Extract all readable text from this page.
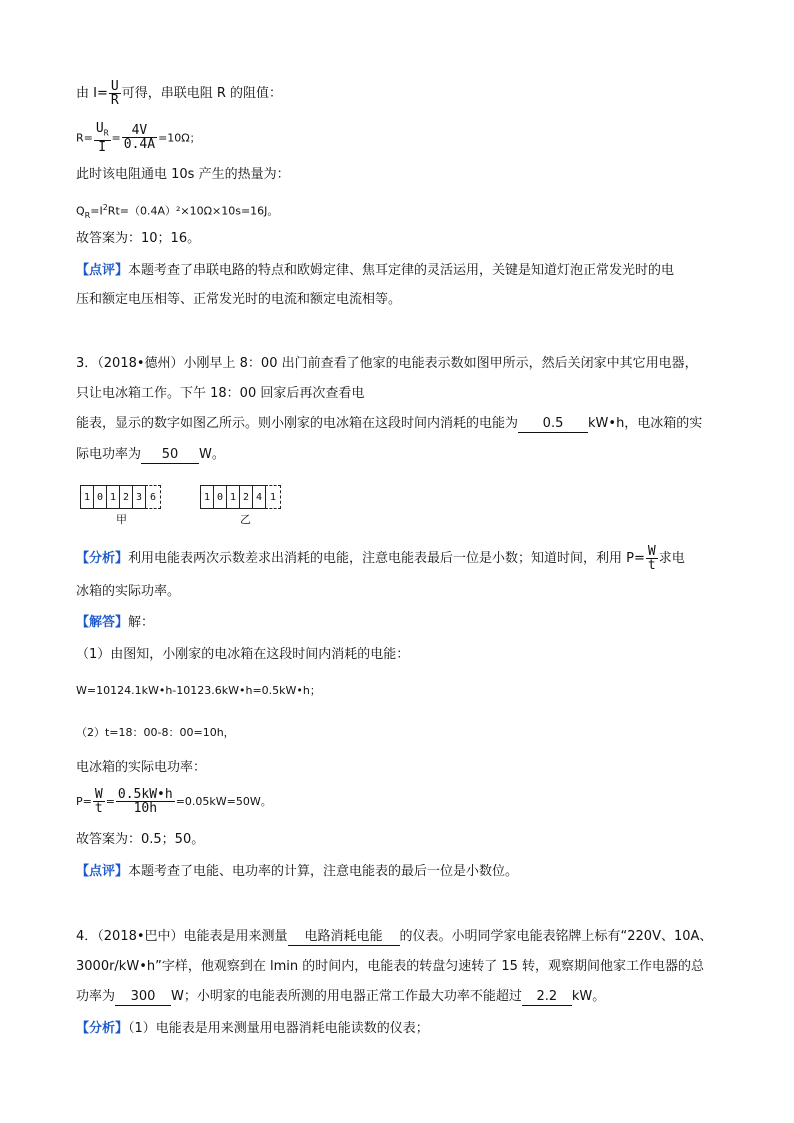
由 $I= \frac{U}{R}$ 可得，串联电阻 R 的阻值：
$R= \frac{U_R}{I} = \frac{4V}{0.4A} =10\Omega$；
此时该电阻通电 10s 产生的热量为：
$Q_R=I^2Rt=(0.4A)^2\times 10\Omega\times 10s=16J$。
故答案为：10；16。
【点评】本题考查了串联电路的特点和欧姆定律、焦耳定律的灵活运用，关键是知道灯泡正常发光时的电
压和额定电压相等、正常发光时的电流和额定电流相等。
3．（2018•德州）小刚早上 8：00 出门前查看了他家的电能表示数如图甲所示，然后关闭家中其它用电器，
只让电冰箱工作。下午 18：00 回家后再次查看电
能表，显示的数字如图乙所示。则小刚家的电冰箱在这段时间内消耗的电能为 0.5 kW•h，电冰箱的实
际电功率为 50 W。
1 0 1 2 3 6
甲
1 0 1 2 4 1
乙
【分析】利用电能表两次示数差求出消耗的电能，注意电能表最后一位是小数；知道时间，利用 $P= \frac{W}{t}$ 求电
冰箱的实际功率。
【解答】解：
（1）由图知，小刚家的电冰箱在这段时间内消耗的电能：
W=10124.1kW•h-10123.6kW•h=0.5kW•h；
（2）t=18：00-8：00=10h，
电冰箱的实际电功率：
$P= \frac{W}{t} = \frac{0.5kW•h}{10h} =0.05kW=50W$。
故答案为：0.5；50。
【点评】本题考查了电能、电功率的计算，注意电能表的最后一位是小数位。
4．（2018•巴中）电能表是用来测量 电路消耗电能 的仪表。小明同学家电能表铭牌上标有“220V、10A、
3000r/kW•h”字样，他观察到在 lmin 的时间内，电能表的转盘匀速转了 15 转，观察期间他家工作电器的总
功率为 300 W；小明家的电能表所测的用电器正常工作最大功率不能超过 2.2 kW。
【分析】（1）电能表是用来测量用电器消耗电能读数的仪表；
